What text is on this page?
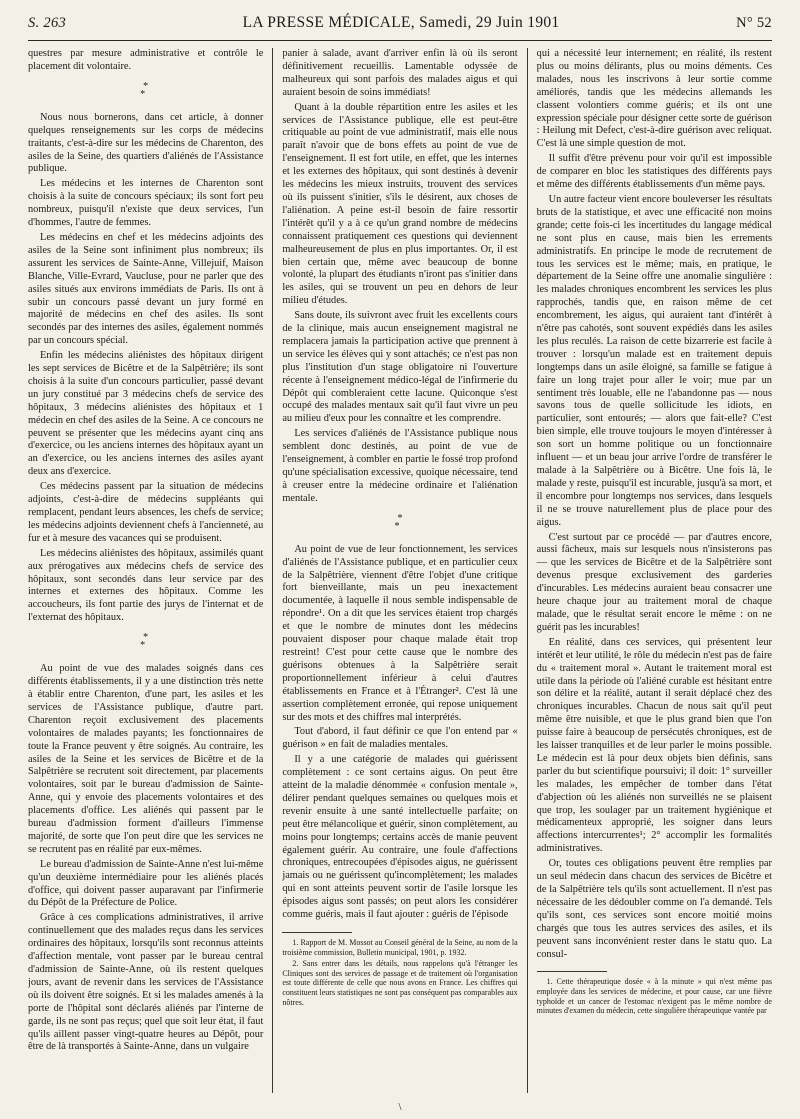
S. 263	LA PRESSE MÉDICALE, Samedi, 29 Juin 1901	N° 52

questres par mesure administrative et contrôle le placement dit volontaire.

*
*

Nous nous bornerons, dans cet article, à donner quelques renseignements sur les corps de médecins traitants, c'est-à-dire sur les médecins de Charenton, des asiles de la Seine, des quartiers d'aliénés de l'Assistance publique.

Les médecins et les internes de Charenton sont choisis à la suite de concours spéciaux; ils sont fort peu nombreux, puisqu'il n'existe que deux services, l'un d'hommes, l'autre de femmes.

Les médecins en chef et les médecins adjoints des asiles de la Seine sont infiniment plus nombreux; ils assurent les services de Sainte-Anne, Villejuif, Maison Blanche, Ville-Evrard, Vaucluse, pour ne parler que des asiles situés aux environs immédiats de Paris. Ils ont à subir un concours passé devant un jury formé en majorité de médecins en chef des asiles. Ils sont secondés par des internes des asiles, également nommés par un concours spécial.

Enfin les médecins aliénistes des hôpitaux dirigent les sept services de Bicêtre et de la Salpêtrière; ils sont choisis à la suite d'un concours particulier, passé devant un jury constitué par 3 médecins chefs de service des hôpitaux, 3 médecins aliénistes des hôpitaux et 1 médecin en chef des asiles de la Seine. A ce concours ne peuvent se présenter que les médecins ayant cinq ans d'exercice, ou les anciens internes des hôpitaux ayant un an d'exercice, ou les anciens internes des asiles ayant deux ans d'exercice.

Ces médecins passent par la situation de médecins adjoints, c'est-à-dire de médecins suppléants qui remplacent, pendant leurs absences, les chefs de service; les médecins adjoints deviennent chefs à l'ancienneté, au fur et à mesure des vacances qui se produisent.

Les médecins aliénistes des hôpitaux, assimilés quant aux prérogatives aux médecins chefs de service des hôpitaux, sont secondés dans leur service par des internes et externes des hôpitaux. Comme les accoucheurs, ils font partie des jurys de l'internat et de l'externat des hôpitaux.

*
*

Au point de vue des malades soignés dans ces différents établissements, il y a une distinction très nette à établir entre Charenton, d'une part, les asiles et les services de l'Assistance publique, d'autre part. Charenton reçoit exclusivement des placements volontaires de malades payants; les fonctionnaires de toute la France peuvent y être soignés. Au contraire, les asiles de la Seine et les services de Bicêtre et de la Salpêtrière se recrutent soit directement, par placements volontaires, soit par le bureau d'admission de Sainte-Anne, qui y envoie des placements volontaires et des placements d'office. Les aliénés qui passent par le bureau d'admission forment d'ailleurs l'immense majorité, de sorte que l'on peut dire que les services ne se recrutent pas en réalité par eux-mêmes.

Le bureau d'admission de Sainte-Anne n'est lui-même qu'un deuxième intermédiaire pour les aliénés placés d'office, qui doivent passer auparavant par l'infirmerie du Dépôt de la Préfecture de Police.

Grâce à ces complications administratives, il arrive continuellement que des malades reçus dans les services ordinaires des hôpitaux, lorsqu'ils sont reconnus atteints d'affection mentale, vont passer par le bureau central d'admission de Sainte-Anne, où ils restent quelques jours, avant de revenir dans les services de l'Assistance où ils doivent être soignés. Et si les malades amenés à la porte de l'hôpital sont déclarés aliénés par l'interne de garde, ils ne sont pas reçus; quel que soit leur état, il faut qu'ils aillent passer vingt-quatre heures au Dépôt, pour être de là transportés à Sainte-Anne, dans un vulgaire

panier à salade, avant d'arriver enfin là où ils seront définitivement recueillis. Lamentable odyssée de malheureux qui sont parfois des malades aigus et qui auraient besoin de soins immédiats!

Quant à la double répartition entre les asiles et les services de l'Assistance publique, elle est peut-être critiquable au point de vue administratif, mais elle nous paraît n'avoir que de bons effets au point de vue de l'enseignement. Il est fort utile, en effet, que les internes et les externes des hôpitaux, qui sont destinés à devenir les médecins les mieux instruits, trouvent des services où ils puissent s'initier, s'ils le désirent, aux choses de l'aliénation. A peine est-il besoin de faire ressortir l'intérêt qu'il y a à ce qu'un grand nombre de médecins connaissent pratiquement ces questions qui deviennent malheureusement de plus en plus importantes. Or, il est bien certain que, même avec beaucoup de bonne volonté, la plupart des étudiants n'iront pas s'initier dans les asiles, qui se trouvent un peu en dehors de leur milieu d'études.

Sans doute, ils suivront avec fruit les excellents cours de la clinique, mais aucun enseignement magistral ne remplacera jamais la participation active que prennent à un service les élèves qui y sont attachés; ce n'est pas non plus l'institution d'un stage obligatoire ni l'ouverture récente à l'enseignement médico-légal de l'infirmerie du Dépôt qui combleraient cette lacune. Quiconque s'est occupé des malades mentaux sait qu'il faut vivre un peu au milieu d'eux pour les connaître et les comprendre.

Les services d'aliénés de l'Assistance publique nous semblent donc destinés, au point de vue de l'enseignement, à combler en partie le fossé trop profond qu'une spécialisation excessive, quoique nécessaire, tend à creuser entre la médecine ordinaire et l'aliénation mentale.

*
*

Au point de vue de leur fonctionnement, les services d'aliénés de l'Assistance publique, et en particulier ceux de la Salpêtrière, viennent d'être l'objet d'une critique fort bienveillante, mais un peu inexactement documentée, à laquelle il nous semble indispensable de répondre¹. On a dit que les services étaient trop chargés et que le nombre de minutes dont les médecins pouvaient disposer pour chaque malade était trop restreint! C'est pour cette cause que le nombre des guérisons obtenues à la Salpêtrière serait proportionnellement inférieur à celui d'autres établissements en France et à l'Étranger². C'est là une assertion complètement erronée, qui repose uniquement sur des mots et des chiffres mal interprétés.

Tout d'abord, il faut définir ce que l'on entend par « guérison » en fait de maladies mentales.

Il y a une catégorie de malades qui guérissent complètement : ce sont certains aigus. On peut être atteint de la maladie dénommée « confusion mentale », délirer pendant quelques semaines ou quelques mois et revenir ensuite à une santé intellectuelle parfaite; on peut être mélancolique et guérir, sinon complètement, au moins pour longtemps; certains accès de manie peuvent également guérir. Au contraire, une foule d'affections chroniques, entrecoupées d'épisodes aigus, ne guérissent jamais ou ne guérissent qu'incomplètement; les malades qui en sont atteints peuvent sortir de l'asile lorsque les épisodes aigus sont passés; on peut alors les considérer comme guéris, mais il faut ajouter : guéris de l'épisode

1. Rapport de M. Mossot au Conseil général de la Seine, au nom de la troisième commission, Bulletin municipal, 1901, p. 1932.

2. Sans entrer dans les détails, nous rappelons qu'à l'étranger les Cliniques sont des services de passage et de traitement où l'organisation est toute différente de celle que nous avons en France. Les chiffres qui constituent leurs statistiques ne sont pas conséquent pas comparables aux nôtres.

qui a nécessité leur internement; en réalité, ils restent plus ou moins délirants, plus ou moins déments. Ces malades, nous les inscrivons à leur sortie comme améliorés, tandis que les médecins allemands les classent volontiers comme guéris; et ils ont une expression spéciale pour désigner cette sorte de guérison : Heilung mit Defect, c'est-à-dire guérison avec reliquat. C'est là une simple question de mot.

Il suffit d'être prévenu pour voir qu'il est impossible de comparer en bloc les statistiques des différents pays et même des différents établissements d'un même pays.

Un autre facteur vient encore bouleverser les résultats bruts de la statistique, et avec une efficacité non moins grande; cette fois-ci les incertitudes du langage médical ne sont plus en cause, mais bien les errements administratifs. En principe le mode de recrutement de tous les services est le même; mais, en pratique, le département de la Seine offre une anomalie singulière : les malades chroniques encombrent les services les plus rapprochés, tandis que, en raison même de cet encombrement, les aigus, qui auraient tant d'intérêt à n'être pas cahotés, sont souvent expédiés dans les asiles les plus reculés. La raison de cette bizarrerie est facile à trouver : lorsqu'un malade est en traitement depuis longtemps dans un asile éloigné, sa famille se fatigue à faire un long trajet pour aller le voir; mue par un sentiment très louable, elle ne l'abandonne pas — nous savons tous de quelle sollicitude les idiots, en particulier, sont entourés; — alors que fait-elle? C'est bien simple, elle trouve toujours le moyen d'intéresser à son sort un homme politique ou un fonctionnaire influent — et un beau jour arrive l'ordre de transférer le malade à la Salpêtrière ou à Bicêtre. Une fois là, le malade y reste, puisqu'il est incurable, jusqu'à sa mort, et il encombre pour longtemps nos services, dans lesquels il ne se trouve naturellement plus de place pour des aigus.

C'est surtout par ce procédé — par d'autres encore, aussi fâcheux, mais sur lesquels nous n'insisterons pas — que les services de Bicêtre et de la Salpêtrière sont devenus presque exclusivement des garderies d'incurables. Les médecins auraient beau consacrer une heure chaque jour au traitement moral de chaque malade, que le résultat serait encore le même : on ne guérit pas les incurables!

En réalité, dans ces services, qui présentent leur intérêt et leur utilité, le rôle du médecin n'est pas de faire du « traitement moral ». Autant le traitement moral est utile dans la période où l'aliéné curable est hésitant entre son délire et la réalité, autant il serait déplacé chez des chroniques incurables. Chacun de nous sait qu'il peut même être nuisible, et que le plus grand bien que l'on puisse faire à beaucoup de persécutés chroniques, est de les laisser tranquilles et de leur parler le moins possible. Le médecin est là pour deux objets bien définis, sans parler du but scientifique poursuivi; il doit: 1° surveiller les malades, les empêcher de tomber dans l'état d'abjection où les aliénés non surveillés ne se plaisent que trop, les soulager par un traitement hygiénique et médicamenteux approprié, les soigner dans leurs affections intercurrentes¹; 2° accomplir les formalités administratives.

Or, toutes ces obligations peuvent être remplies par un seul médecin dans chacun des services de Bicêtre et de la Salpêtrière tels qu'ils sont actuellement. Il n'est pas nécessaire de les dédoubler comme on l'a demandé. Tels qu'ils sont, ces services sont encore moitié moins chargés que tous les autres services des asiles, et ils peuvent sans inconvénient rester dans le statu quo. La consul-

1. Cette thérapeutique dosée « à la minute » qui n'est même pas employée dans les services de médecine, et pour cause, car une fièvre typhoïde et un cancer de l'estomac n'exigent pas le même nombre de minutes d'examen du médecin, cette singulière thérapeutique vantée par

\
